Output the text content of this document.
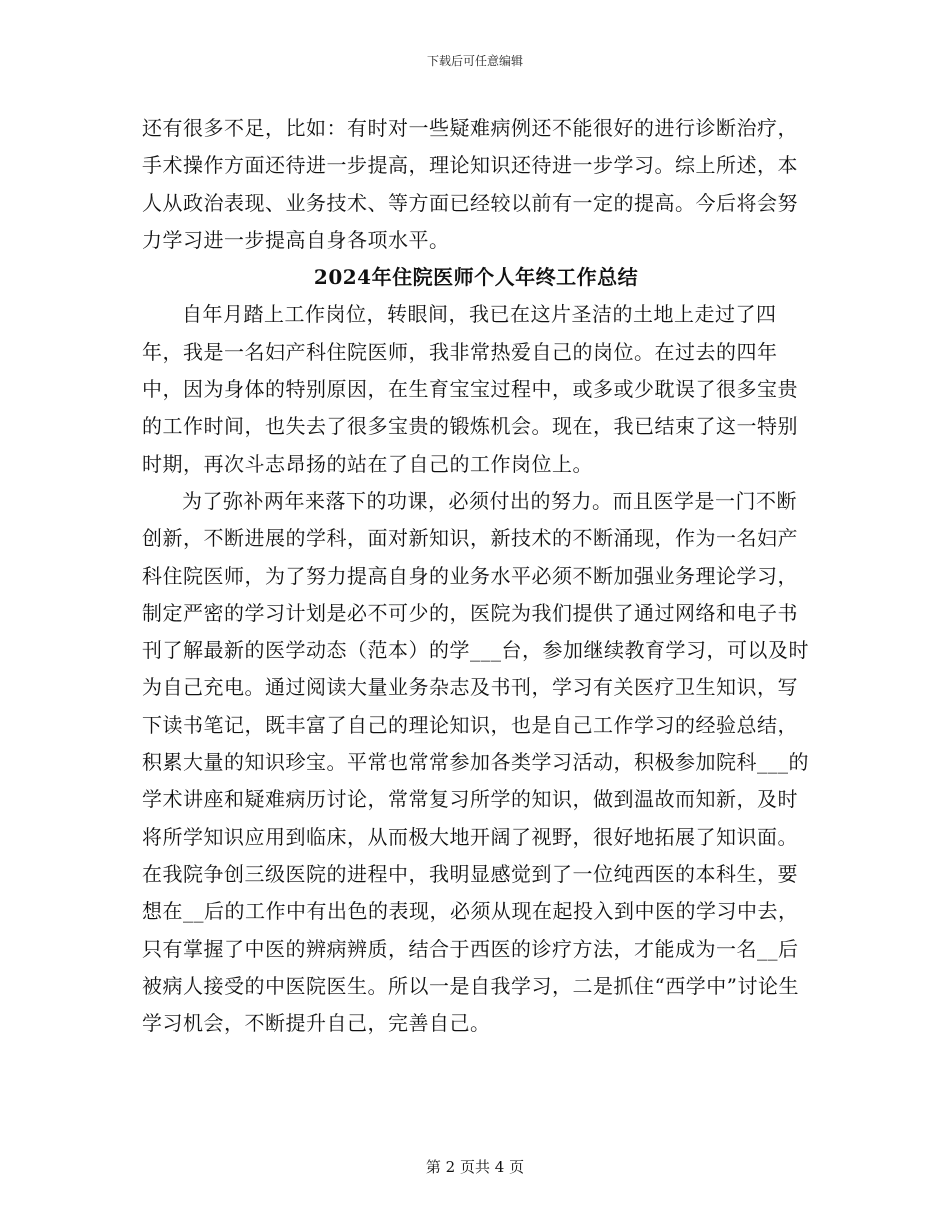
下载后可任意编辑

还有很多不足，比如：有时对一些疑难病例还不能很好的进行诊断治疗，手术操作方面还待进一步提高，理论知识还待进一步学习。综上所述，本人从政治表现、业务技术、等方面已经较以前有一定的提高。今后将会努力学习进一步提高自身各项水平。

2024年住院医师个人年终工作总结

自年月踏上工作岗位，转眼间，我已在这片圣洁的土地上走过了四年，我是一名妇产科住院医师，我非常热爱自己的岗位。在过去的四年中，因为身体的特别原因，在生育宝宝过程中，或多或少耽误了很多宝贵的工作时间，也失去了很多宝贵的锻炼机会。现在，我已结束了这一特别时期，再次斗志昂扬的站在了自己的工作岗位上。

为了弥补两年来落下的功课，必须付出的努力。而且医学是一门不断创新，不断进展的学科，面对新知识，新技术的不断涌现，作为一名妇产科住院医师，为了努力提高自身的业务水平必须不断加强业务理论学习，制定严密的学习计划是必不可少的，医院为我们提供了通过网络和电子书刊了解最新的医学动态（范本）的学___台，参加继续教育学习，可以及时为自己充电。通过阅读大量业务杂志及书刊，学习有关医疗卫生知识，写下读书笔记，既丰富了自己的理论知识，也是自己工作学习的经验总结，积累大量的知识珍宝。平常也常常参加各类学习活动，积极参加院科___的学术讲座和疑难病历讨论，常常复习所学的知识，做到温故而知新，及时将所学知识应用到临床，从而极大地开阔了视野，很好地拓展了知识面。在我院争创三级医院的进程中，我明显感觉到了一位纯西医的本科生，要想在__后的工作中有出色的表现，必须从现在起投入到中医的学习中去，只有掌握了中医的辨病辨质，结合于西医的诊疗方法，才能成为一名__后被病人接受的中医院医生。所以一是自我学习，二是抓住“西学中”讨论生学习机会，不断提升自己，完善自己。

第 2 页共 4 页
